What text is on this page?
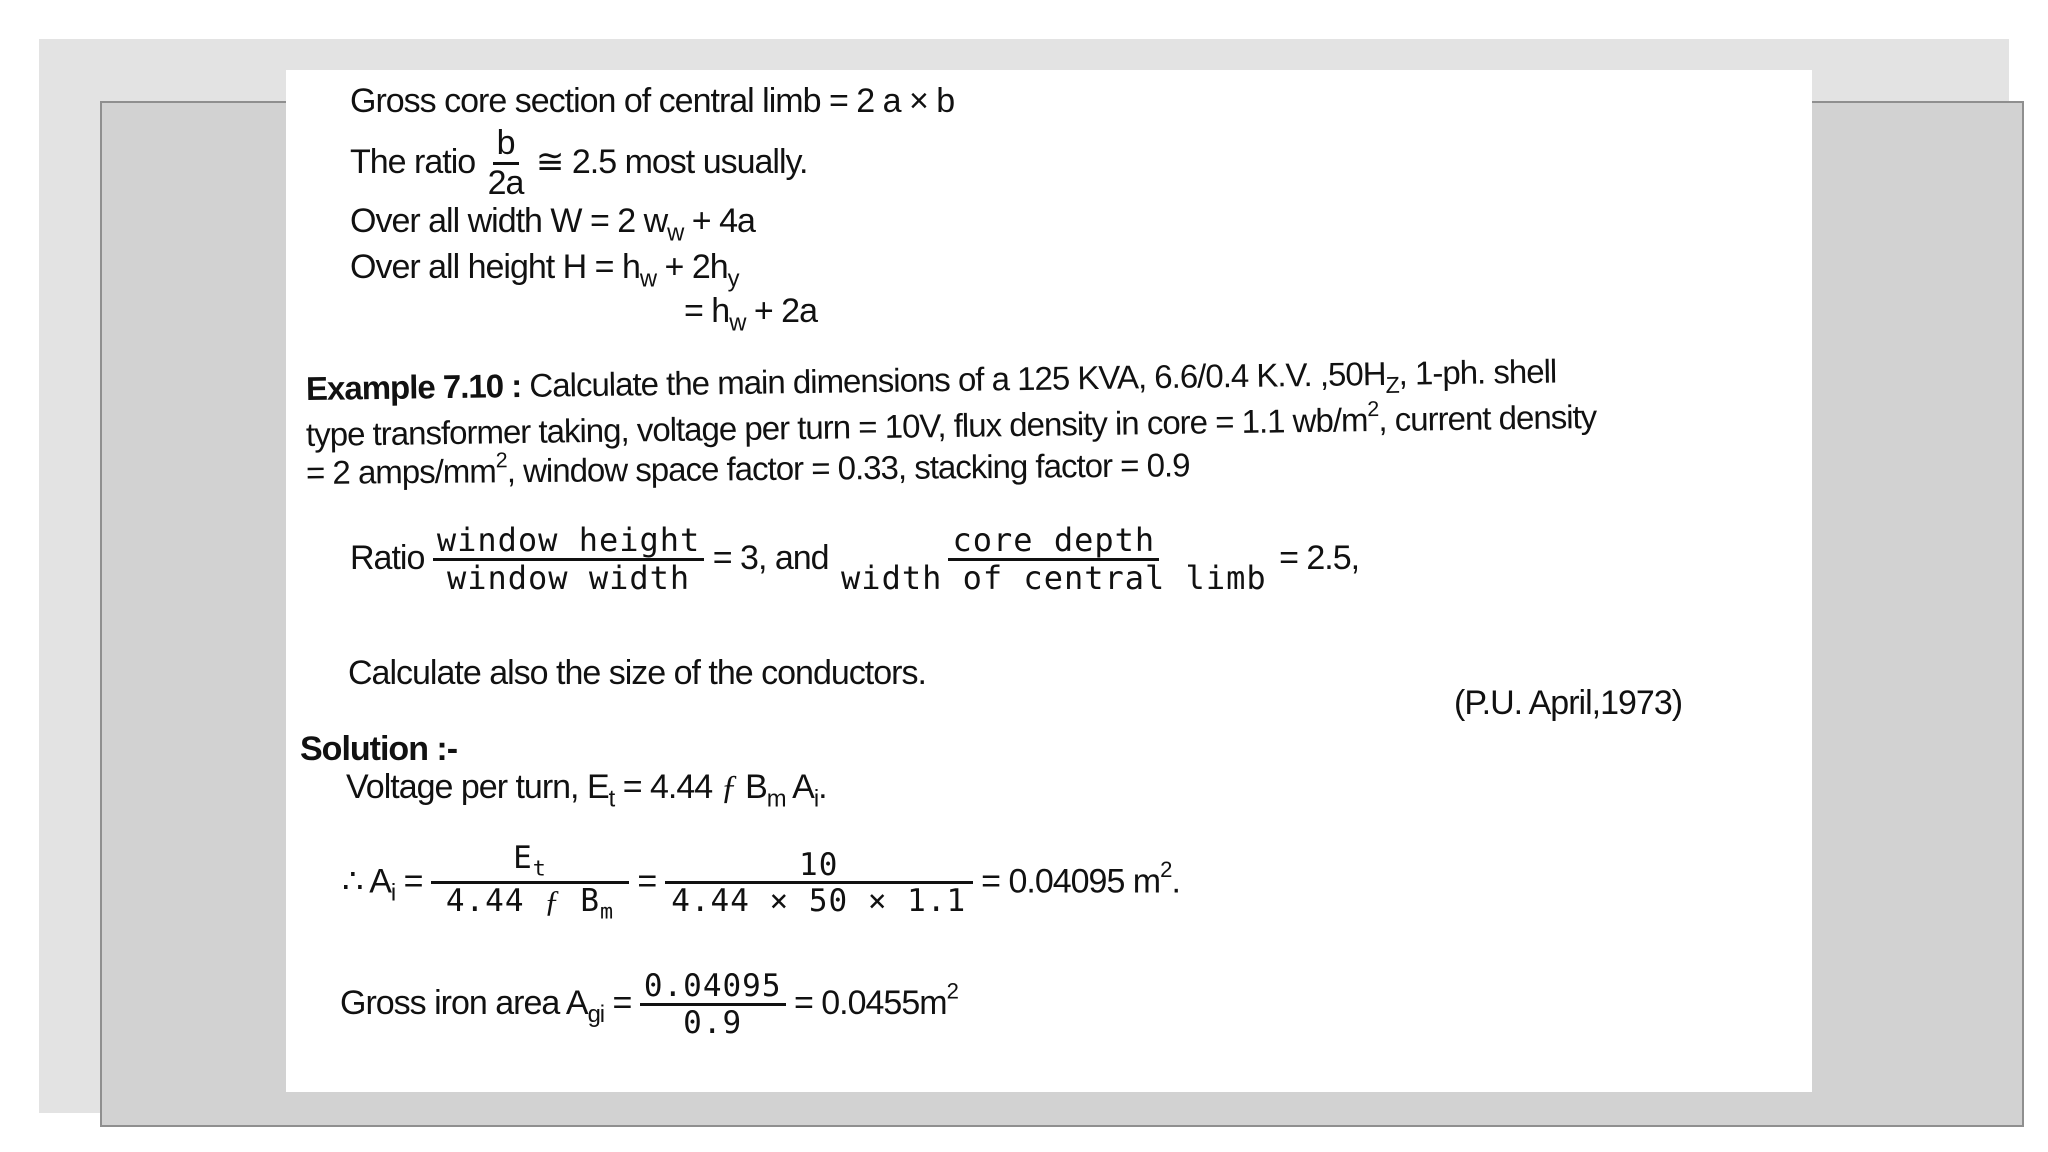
Gross core section of central limb = 2 a × b
The ratio $\frac{b}{2a}$ ≅ 2.5 most usually.
Over all width W = 2 $w_w + 4a$
Over all height $H = h_w + 2h_y$
= $h_w + 2a$
Example 7.10 : Calculate the main dimensions of a 125 KVA, 6.6/0.4 K.V. $,50H_Z$, 1-ph. shell
type transformer taking, voltage per turn = 10V, flux density in core = 1.1 $wb/m^2$, current density
= 2 amps/$mm^2$, window space factor = 0.33, stacking factor = 0.9
Ratio $\frac{\text{window height}}{\text{window width}} = 3$, and $\frac{\text{core depth}}{\text{width of central limb}} = 2.5$,
Calculate also the size of the conductors.
(P.U. April,1973)
Solution :-
Voltage per turn, $E_t = 4.44$ ƒ $B_m$ $A_i$.
∴ $A_i = \frac{E_t}{4.44 ƒ B_m} = \frac{10}{4.44 \times 50 \times 1.1} = 0.04095$ $m^2$.
Gross iron area $A_{gi} = \frac{0.04095}{0.9} = 0.0455m^2$
